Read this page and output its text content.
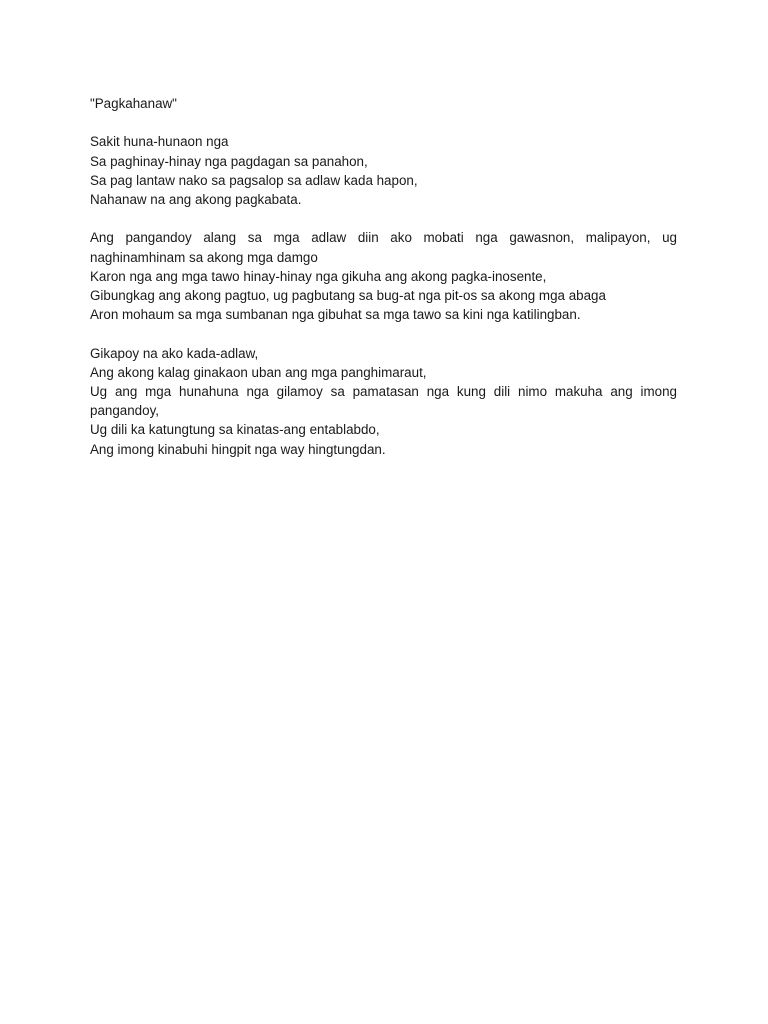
"Pagkahanaw"
Sakit huna-hunaon nga
Sa paghinay-hinay nga pagdagan sa panahon,
Sa pag lantaw nako sa pagsalop sa adlaw kada hapon,
Nahanaw na ang akong pagkabata.
Ang pangandoy alang sa mga adlaw diin ako mobati nga gawasnon, malipayon, ug naghinamhinam sa akong mga damgo
Karon nga ang mga tawo hinay-hinay nga gikuha ang akong pagka-inosente,
Gibungkag ang akong pagtuo, ug pagbutang sa bug-at nga pit-os sa akong mga abaga
Aron mohaum sa mga sumbanan nga gibuhat sa mga tawo sa kini nga katilingban.
Gikapoy na ako kada-adlaw,
Ang akong kalag ginakaon uban ang mga panghimaraut,
Ug ang mga hunahuna nga gilamoy sa pamatasan nga kung dili nimo makuha ang imong pangandoy,
Ug dili ka katungtung sa kinatas-ang entablabdo,
Ang imong kinabuhi hingpit nga way hingtungdan.
